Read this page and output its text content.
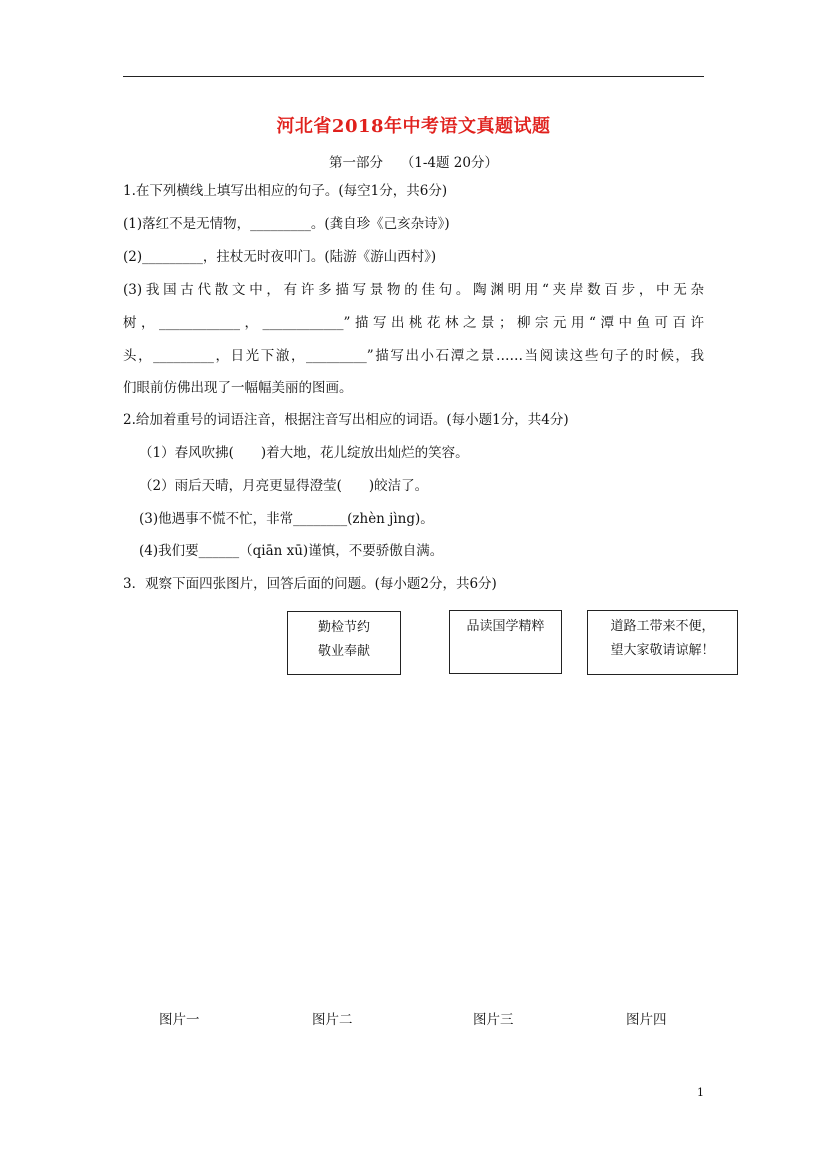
河北省2018年中考语文真题试题
第一部分　 （1-4题 20分）
1.在下列横线上填写出相应的句子。(每空1分，共6分)
(1)落红不是无情物，_________。(龚自珍《己亥杂诗》)
(2)_________，拄杖无时夜叩门。(陆游《游山西村》)
(3)我国古代散文中，有许多描写景物的佳句。陶渊明用“夹岸数百步，中无杂
树，____________，____________”描写出桃花林之景；柳宗元用“潭中鱼可百许
头，_________，日光下澈，_________”描写出小石潭之景……当阅读这些句子的时候，我
们眼前仿佛出现了一幅幅美丽的图画。
2.给加着重号的词语注音，根据注音写出相应的词语。(每小题1分，共4分)
（1）春风吹拂(　　)着大地，花儿绽放出灿烂的笑容。
（2）雨后天晴，月亮更显得澄莹(　　)皎洁了。
(3)他遇事不慌不忙，非常________(zhèn jìng)。
(4)我们要______（qiān xū)谨慎，不要骄傲自满。
3．观察下面四张图片，回答后面的问题。(每小题2分，共6分)
勤检节约
敬业奉献
品读国学精粹	道路工带来不便，
望大家敬请谅解！
图片一	图片二	图片三	图片四
1
